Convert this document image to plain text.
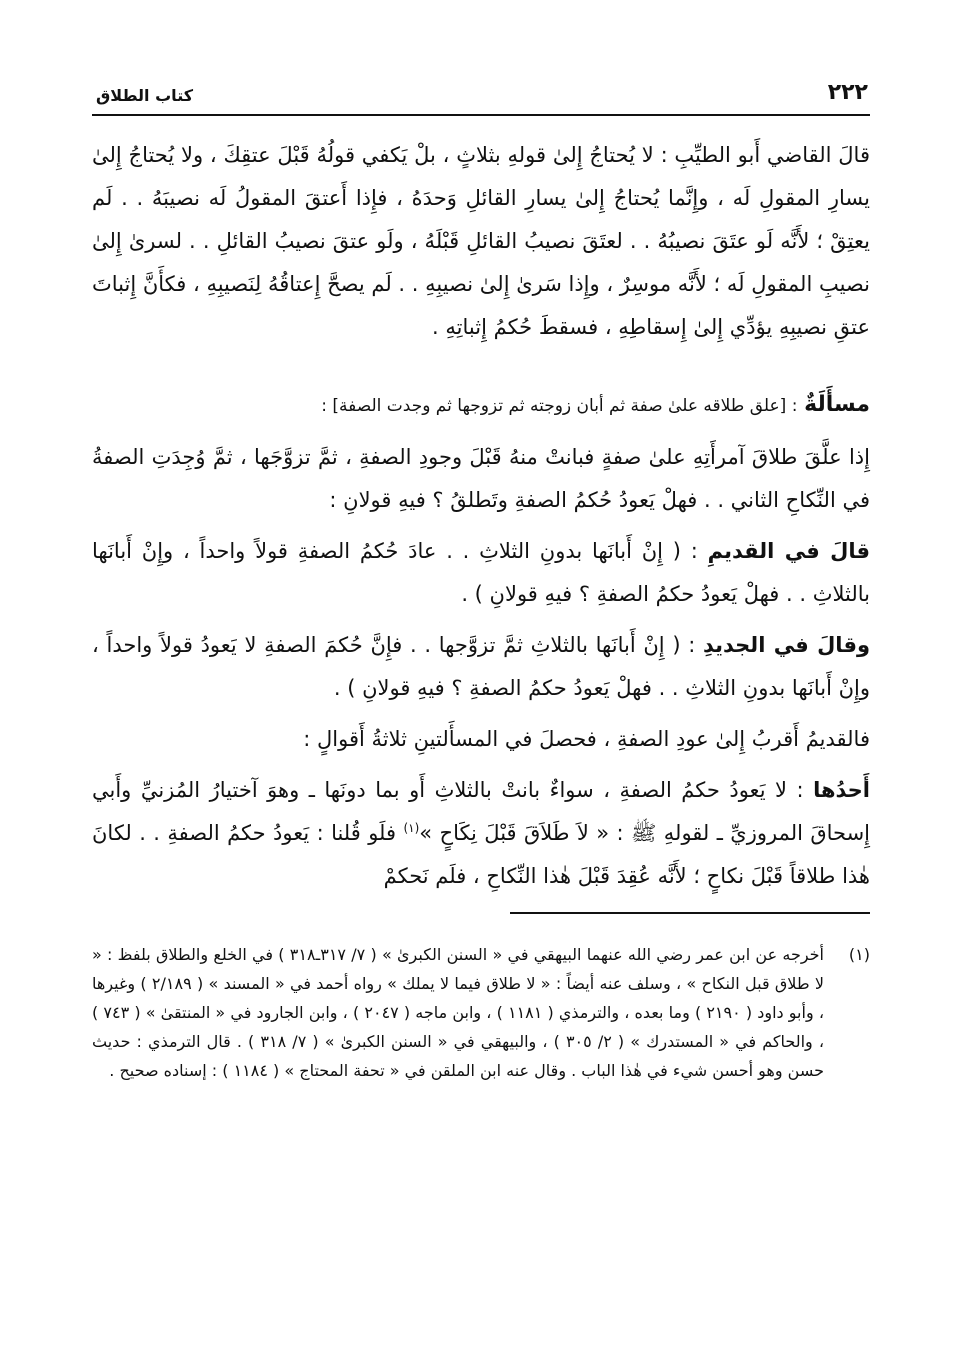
٢٢٢
كتاب الطلاق

قالَ القاضي أَبو الطيِّبِ : لا يُحتاجُ إِلىٰ قولهِ بثلاثٍ ، بلْ يَكفي قولُهُ قَبْلَ عتقِكَ ، ولا يُحتاجُ إِلىٰ يسارِ المقولِ لَه ، وإِنَّما يُحتاجُ إِلىٰ يسارِ القائلِ وَحدَهُ ، فإِذا أَعتقَ المقولُ لَه نصيبَهُ . . لَم يعتِقْ ؛ لأَنَّه لَو عتَقَ نصيبُهُ . . لعتَقَ نصيبُ القائلِ قَبْلَهُ ، ولَو عتقَ نصيبُ القائلِ . . لسرىٰ إِلىٰ نصيبِ المقولِ لَه ؛ لأَنَّه موسِرٌ ، وإِذا سَرىٰ إِلىٰ نصيبِهِ . . لَم يصحَّ إِعتاقُهُ لِنَصيبِهِ ، فكأَنَّ إِثباتَ عتقِ نصيبِهِ يؤدِّي إِلىٰ إِسقاطِهِ ، فسقطَ حُكمُ إِثباتِهِ .

مسأَلَةٌ : [علق طلاقه علىٰ صفة ثم أبان زوجته ثم تزوجها ثم وجدت الصفة] :

إِذا علَّقَ طلاقَ آمرأَتِهِ علىٰ صفةٍ فبانتْ منهُ قَبْلَ وجودِ الصفةِ ، ثمَّ تزوَّجَها ، ثمَّ وُجِدَتِ الصفةُ في النِّكاحِ الثاني . . فهلْ يَعودُ حُكمُ الصفةِ وتَطلقُ ؟ فيهِ قولانِ :

قالَ في القديمِ : ( إِنْ أَبانَها بدونِ الثلاثِ . . عادَ حُكمُ الصفةِ قولاً واحداً ، وإِنْ أَبانَها بالثلاثِ . . فهلْ يَعودُ حكمُ الصفةِ ؟ فيهِ قولانِ ) .

وقالَ في الجديدِ : ( إِنْ أَبانَها بالثلاثِ ثمَّ تزوَّجها . . فإِنَّ حُكمَ الصفةِ لا يَعودُ قولاً واحداً ، وإِنْ أَبانَها بدونِ الثلاثِ . . فهلْ يَعودُ حكمُ الصفةِ ؟ فيهِ قولانِ ) .

فالقديمُ أَقربُ إِلىٰ عودِ الصفةِ ، فحصلَ في المسأَلتينِ ثلاثةُ أَقوالٍ :

أَحدُها : لا يَعودُ حكمُ الصفةِ ، سواءٌ بانتْ بالثلاثِ أَو بما دونَها ـ وهوَ آختيارُ المُزنيِّ وأَبي إِسحاقَ المروزيِّ ـ لقولهِ ﷺ : « لاَ طَلاَقَ قَبْلَ نِكَاحٍ »$^{(١)}$ فلَو قُلنا : يَعودُ حكمُ الصفةِ . . لكانَ هٰذا طلاقاً قَبْلَ نكاحٍ ؛ لأَنَّه عُقِدَ قَبْلَ هٰذا النِّكاحِ ، فلَم نَحكمْ

(١)
أخرجه عن ابن عمر رضي الله عنهما البيهقي في « السنن الكبرىٰ » ( ٧/ ٣١٧ـ٣١٨ ) في الخلع والطلاق بلفظ : « لا طلاق قبل النكاح » ، وسلف عنه أيضاً : « لا طلاق فيما لا يملك » رواه أحمد في « المسند » ( ٢/١٨٩ ) وغيرها ، وأبو داود ( ٢١٩٠ ) وما بعده ، والترمذي ( ١١٨١ ) ، وابن ماجه ( ٢٠٤٧ ) ، وابن الجارود في « المنتقىٰ » ( ٧٤٣ ) ، والحاكم في « المستدرك » ( ٢/ ٣٠٥ ) ، والبيهقي في « السنن الكبرىٰ » ( ٧/ ٣١٨ ) . قال الترمذي : حديث حسن وهو أحسن شيء في هٰذا الباب . وقال عنه ابن الملقن في « تحفة المحتاج » ( ١١٨٤ ) : إسناده صحيح .
